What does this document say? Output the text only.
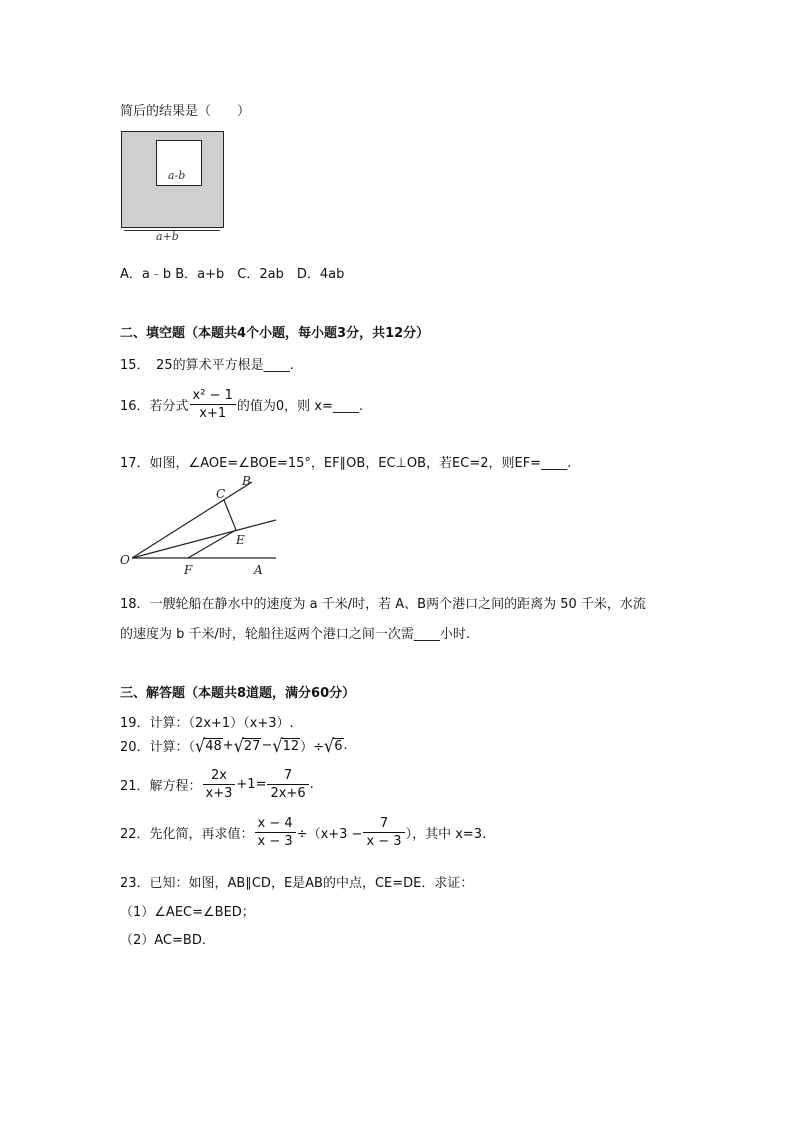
简后的结果是（　　）
a-b
a+b
A．a﹣b B．a+b　C．2ab　D．4ab
二、填空题（本题共4个小题，每小题3分，共12分）
15．　25的算术平方根是____.
16．若分式 $\frac{\text{x² − 1}}{x+1}$ 的值为0，则 x=____.
17．如图，∠AOE=∠BOE=15°，EF∥OB，EC⊥OB，若EC=2，则EF=____.
O
A
B
C
E
F
18．一艘轮船在静水中的速度为 a 千米/时，若 A、B两个港口之间的距离为 50 千米，水流
的速度为 b 千米/时，轮船往返两个港口之间一次需____小时.
三、解答题（本题共8道题，满分60分）
19．计算：（2x+1）（x+3）.
20．计算：（ √ 48 + √ 27 − √ 12 ）÷ √ 6 .
21．解方程： $\frac{2x}{x+3} +1= \frac{7}{2x+6}$ .
22．先化简，再求值： $\frac{x - 4}{x - 3} \div(x+3 - \frac{7}{x - 3}$ ），其中 x=3.
23．已知：如图，AB∥CD，E是AB的中点，CE=DE．求证：
（1）∠AEC=∠BED；
（2）AC=BD.
